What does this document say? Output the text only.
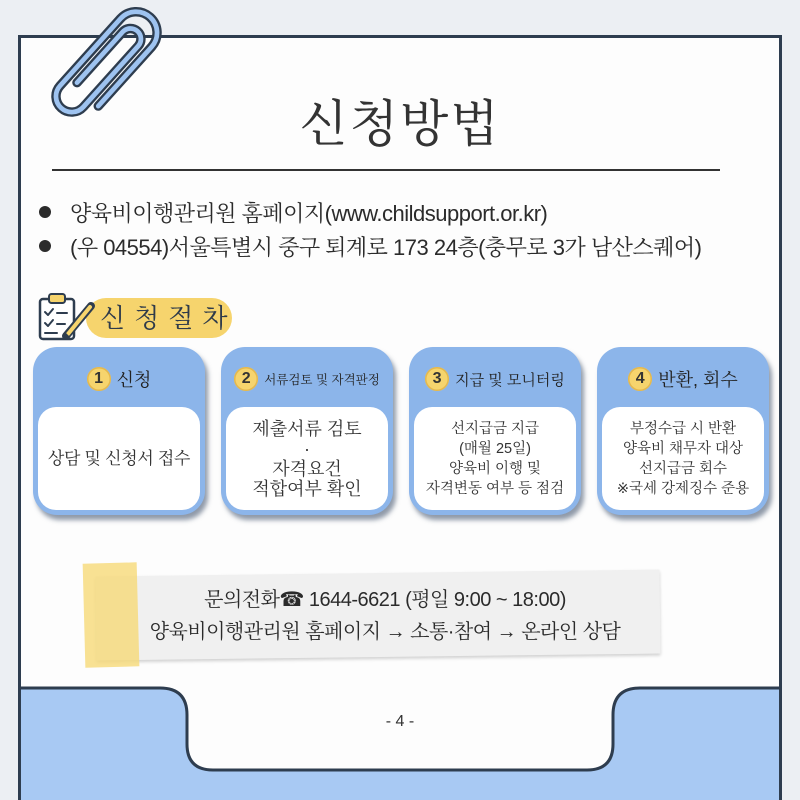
신청방법
양육비이행관리원 홈페이지(www.childsupport.or.kr)
(우 04554)서울특별시 중구 퇴계로 173 24층(충무로 3가 남산스퀘어)
신청절차
1 신청
상담 및 신청서 접수
2	서류검토 및 자격판정
제출서류 검토
·
자격요건
적합여부 확인
3 지급 및 모니터링
선지급금 지급
(매월 25일)
양육비 이행 및
자격변동 여부 등 점검
4 반환, 회수
부정수급 시 반환
양육비 채무자 대상
선지급금 회수
※국세 강제징수 준용
문의전화☎ 1644-6621 (평일 9:00 ~ 18:00)
양육비이행관리원 홈페이지 → 소통·참여 → 온라인 상담
- 4 -
